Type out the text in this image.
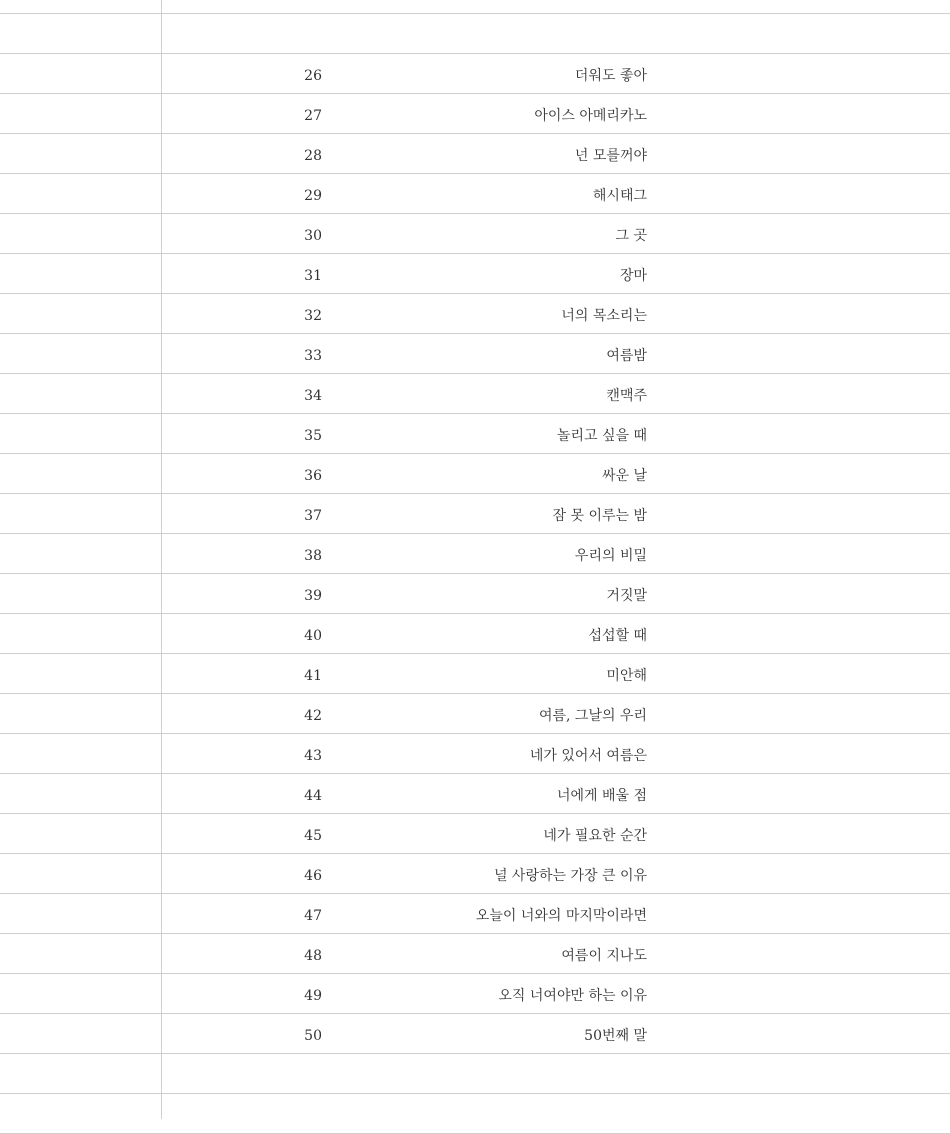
26	더워도 좋아
27	아이스 아메리카노
28	넌 모를꺼야
29	해시태그
30	그 곳
31	장마
32	너의 목소리는
33	여름밤
34	캔맥주
35	놀리고 싶을 때
36	싸운 날
37	잠 못 이루는 밤
38	우리의 비밀
39	거짓말
40	섭섭할 때
41	미안해
42	여름, 그날의 우리
43	네가 있어서 여름은
44	너에게 배울 점
45	네가 필요한 순간
46	널 사랑하는 가장 큰 이유
47	오늘이 너와의 마지막이라면
48	여름이 지나도
49	오직 너여야만 하는 이유
50	50번째 말
